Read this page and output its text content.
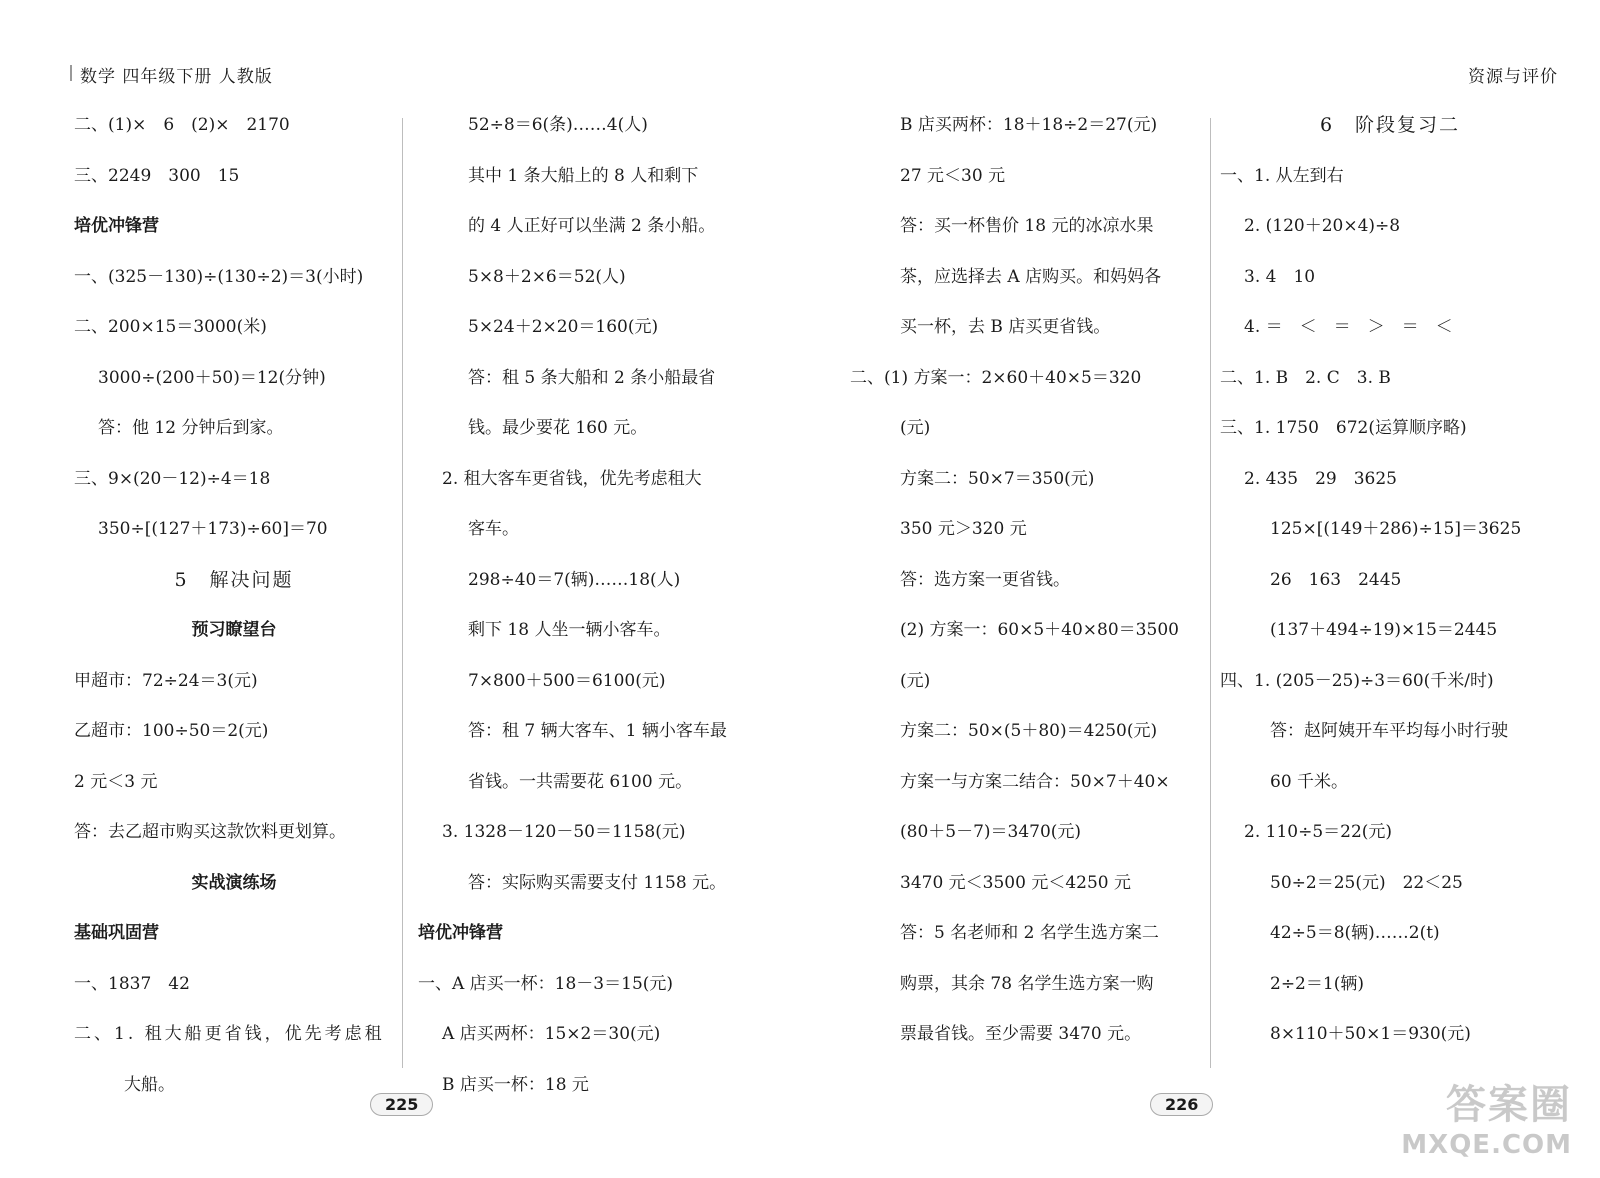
数学 四年级下册 人教版
二、(1)×　6　(2)×　2170
三、2249　300　15
培优冲锋营
一、(325－130)÷(130÷2)＝3(小时)
二、200×15＝3000(米)
3000÷(200＋50)＝12(分钟)
答：他 12 分钟后到家。
三、9×(20－12)÷4＝18
350÷[(127＋173)÷60]＝70
5　解决问题
预习瞭望台
甲超市：72÷24＝3(元)
乙超市：100÷50＝2(元)
2 元＜3 元
答：去乙超市购买这款饮料更划算。
实战演练场
基础巩固营
一、1837　42
二、1. 租大船更省钱，优先考虑租
大船。
52÷8＝6(条)……4(人)
其中 1 条大船上的 8 人和剩下
的 4 人正好可以坐满 2 条小船。
5×8＋2×6＝52(人)
5×24＋2×20＝160(元)
答：租 5 条大船和 2 条小船最省
钱。最少要花 160 元。
2. 租大客车更省钱，优先考虑租大
客车。
298÷40＝7(辆)……18(人)
剩下 18 人坐一辆小客车。
7×800＋500＝6100(元)
答：租 7 辆大客车、1 辆小客车最
省钱。一共需要花 6100 元。
3. 1328－120－50＝1158(元)
答：实际购买需要支付 1158 元。
培优冲锋营
一、A 店买一杯：18－3＝15(元)
A 店买两杯：15×2＝30(元)
B 店买一杯：18 元
225
资源与评价
B 店买两杯：18＋18÷2＝27(元)
27 元＜30 元
答：买一杯售价 18 元的冰凉水果
茶，应选择去 A 店购买。和妈妈各
买一杯，去 B 店买更省钱。
二、(1) 方案一：2×60＋40×5＝320
(元)
方案二：50×7＝350(元)
350 元＞320 元
答：选方案一更省钱。
(2) 方案一：60×5＋40×80＝3500
(元)
方案二：50×(5＋80)＝4250(元)
方案一与方案二结合：50×7＋40×
(80＋5－7)＝3470(元)
3470 元＜3500 元＜4250 元
答：5 名老师和 2 名学生选方案二
购票，其余 78 名学生选方案一购
票最省钱。至少需要 3470 元。
6　阶段复习二
一、1. 从左到右
2. (120＋20×4)÷8
3. 4　10
4. ＝　＜　＝　＞　＝　＜
二、1. B　2. C　3. B
三、1. 1750　672(运算顺序略)
2. 435　29　3625
125×[(149＋286)÷15]＝3625
26　163　2445
(137＋494÷19)×15＝2445
四、1. (205－25)÷3＝60(千米/时)
答：赵阿姨开车平均每小时行驶
60 千米。
2. 110÷5＝22(元)
50÷2＝25(元)　22＜25
42÷5＝8(辆)……2(t)
2÷2＝1(辆)
8×110＋50×1＝930(元)
226	答案圈
MXQE.COM
